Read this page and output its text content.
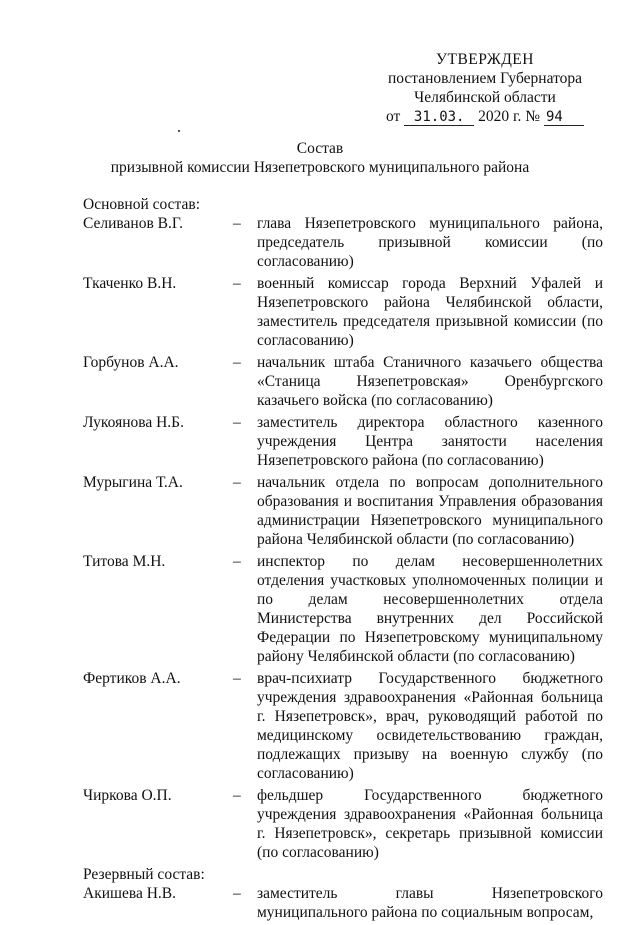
УТВЕРЖДЕН
постановлением Губернатора
Челябинской области
от 31.03. 2020 г. № 94
Состав
призывной комиссии Нязепетровского муниципального района
Основной состав:
Селиванов В.Г.	–	глава Нязепетровского муниципального района, председатель призывной комиссии (по согласованию)
Ткаченко В.Н.	–	военный комиссар города Верхний Уфалей и Нязепетровского района Челябинской области, заместитель председателя призывной комиссии (по согласованию)
Горбунов А.А.	–	начальник штаба Станичного казачьего общества «Станица Нязепетровская» Оренбургского казачьего войска (по согласованию)
Лукоянова Н.Б.	–	заместитель директора областного казенного учреждения Центра занятости населения Нязепетровского района (по согласованию)
Мурыгина Т.А.	–	начальник отдела по вопросам дополнительного образования и воспитания Управления образования администрации Нязепетровского муниципального района Челябинской области (по согласованию)
Титова М.Н.	–	инспектор по делам несовершеннолетних отделения участковых уполномоченных полиции и по делам несовершеннолетних отдела Министерства внутренних дел Российской Федерации по Нязепетровскому муниципальному району Челябинской области (по согласованию)
Фертиков А.А.	–	врач-психиатр Государственного бюджетного учреждения здравоохранения «Районная больница г. Нязепетровск», врач, руководящий работой по медицинскому освидетельствованию граждан, подлежащих призыву на военную службу (по согласованию)
Чиркова О.П.	–	фельдшер Государственного бюджетного учреждения здравоохранения «Районная больница г. Нязепетровск», секретарь призывной комиссии (по согласованию)
Резервный состав:
Акишева Н.В.	–	заместитель главы Нязепетровского муниципального района по социальным вопросам,
